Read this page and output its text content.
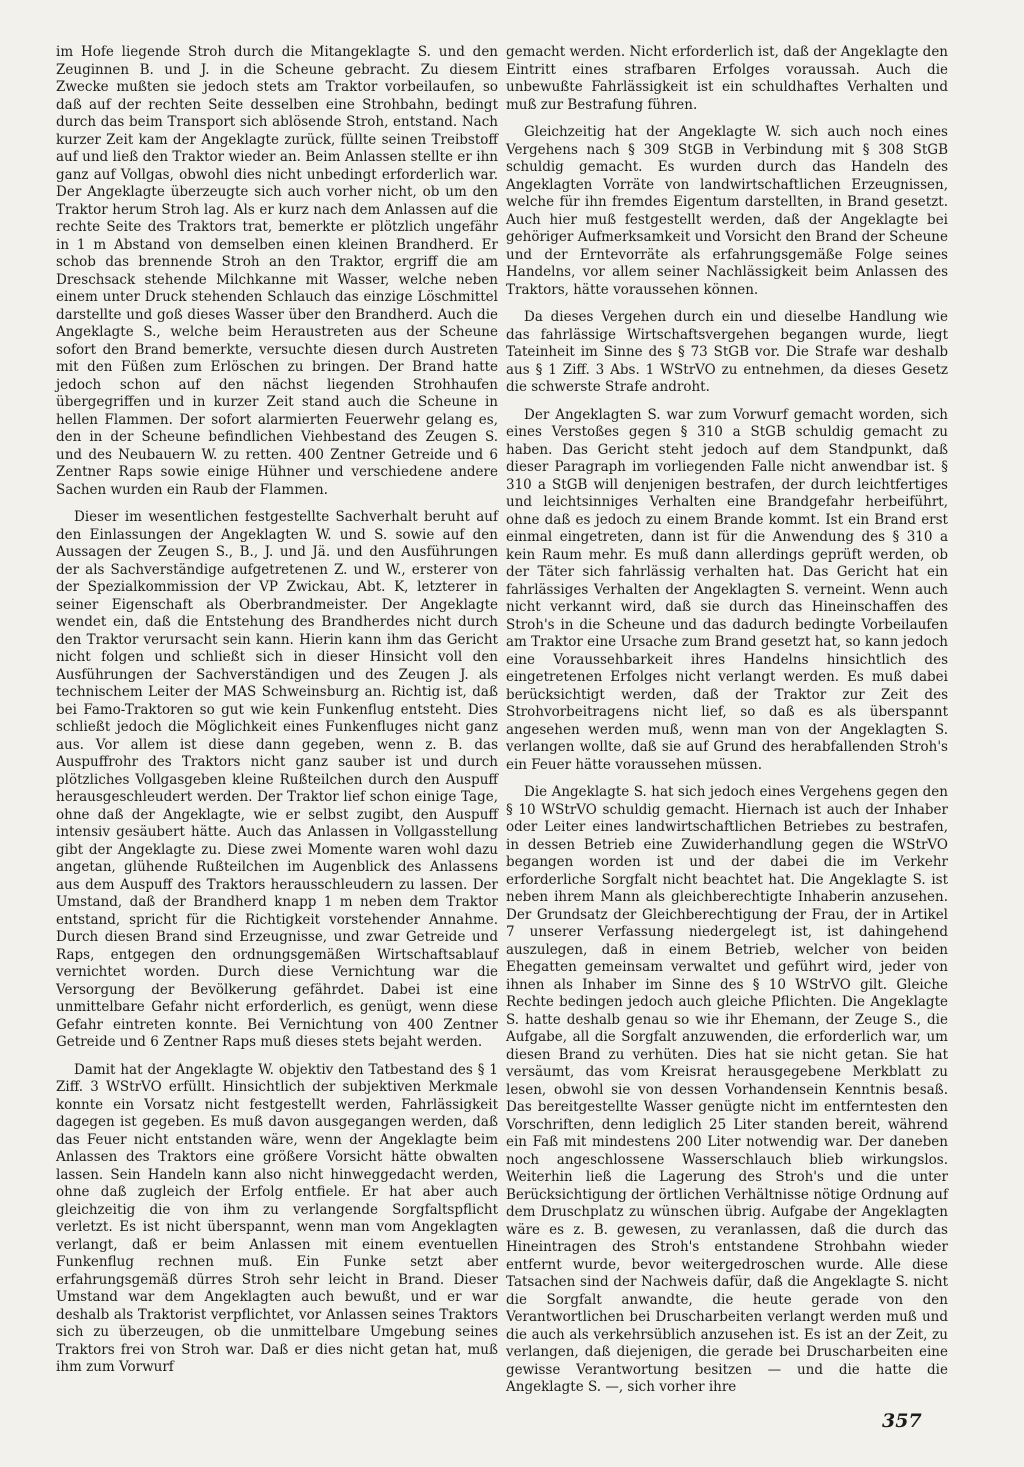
im Hofe liegende Stroh durch die Mitangeklagte S. und den Zeuginnen B. und J. in die Scheune gebracht. Zu diesem Zwecke mußten sie jedoch stets am Traktor vorbeilaufen, so daß auf der rechten Seite desselben eine Strohbahn, bedingt durch das beim Transport sich ablösende Stroh, entstand. Nach kurzer Zeit kam der Angeklagte zurück, füllte seinen Treibstoff auf und ließ den Traktor wieder an. Beim Anlassen stellte er ihn ganz auf Vollgas, obwohl dies nicht unbedingt erforderlich war. Der Angeklagte überzeugte sich auch vorher nicht, ob um den Traktor herum Stroh lag. Als er kurz nach dem Anlassen auf die rechte Seite des Traktors trat, bemerkte er plötzlich ungefähr in 1 m Abstand von demselben einen kleinen Brandherd. Er schob das brennende Stroh an den Traktor, ergriff die am Dreschsack stehende Milchkanne mit Wasser, welche neben einem unter Druck stehenden Schlauch das einzige Löschmittel darstellte und goß dieses Wasser über den Brandherd. Auch die Angeklagte S., welche beim Heraustreten aus der Scheune sofort den Brand bemerkte, versuchte diesen durch Austreten mit den Füßen zum Erlöschen zu bringen. Der Brand hatte jedoch schon auf den nächst liegenden Strohhaufen übergegriffen und in kurzer Zeit stand auch die Scheune in hellen Flammen. Der sofort alarmierten Feuerwehr gelang es, den in der Scheune befindlichen Viehbestand des Zeugen S. und des Neubauern W. zu retten. 400 Zentner Getreide und 6 Zentner Raps sowie einige Hühner und verschiedene andere Sachen wurden ein Raub der Flammen.

Dieser im wesentlichen festgestellte Sachverhalt beruht auf den Einlassungen der Angeklagten W. und S. sowie auf den Aussagen der Zeugen S., B., J. und Jä. und den Ausführungen der als Sachverständige aufgetretenen Z. und W., ersterer von der Spezialkommission der VP Zwickau, Abt. K, letzterer in seiner Eigenschaft als Oberbrandmeister. Der Angeklagte wendet ein, daß die Entstehung des Brandherdes nicht durch den Traktor verursacht sein kann. Hierin kann ihm das Gericht nicht folgen und schließt sich in dieser Hinsicht voll den Ausführungen der Sachverständigen und des Zeugen J. als technischem Leiter der MAS Schweinsburg an. Richtig ist, daß bei Famo-Traktoren so gut wie kein Funkenflug entsteht. Dies schließt jedoch die Möglichkeit eines Funkenfluges nicht ganz aus. Vor allem ist diese dann gegeben, wenn z. B. das Auspuffrohr des Traktors nicht ganz sauber ist und durch plötzliches Vollgasgeben kleine Rußteilchen durch den Auspuff herausgeschleudert werden. Der Traktor lief schon einige Tage, ohne daß der Angeklagte, wie er selbst zugibt, den Auspuff intensiv gesäubert hätte. Auch das Anlassen in Vollgasstellung gibt der Angeklagte zu. Diese zwei Momente waren wohl dazu angetan, glühende Rußteilchen im Augenblick des Anlassens aus dem Auspuff des Traktors herausschleudern zu lassen. Der Umstand, daß der Brandherd knapp 1 m neben dem Traktor entstand, spricht für die Richtigkeit vorstehender Annahme. Durch diesen Brand sind Erzeugnisse, und zwar Getreide und Raps, entgegen den ordnungsgemäßen Wirtschaftsablauf vernichtet worden. Durch diese Vernichtung war die Versorgung der Bevölkerung gefährdet. Dabei ist eine unmittelbare Gefahr nicht erforderlich, es genügt, wenn diese Gefahr eintreten konnte. Bei Vernichtung von 400 Zentner Getreide und 6 Zentner Raps muß dieses stets bejaht werden.

Damit hat der Angeklagte W. objektiv den Tatbestand des § 1 Ziff. 3 WStrVO erfüllt. Hinsichtlich der subjektiven Merkmale konnte ein Vorsatz nicht festgestellt werden, Fahrlässigkeit dagegen ist gegeben. Es muß davon ausgegangen werden, daß das Feuer nicht entstanden wäre, wenn der Angeklagte beim Anlassen des Traktors eine größere Vorsicht hätte obwalten lassen. Sein Handeln kann also nicht hinweggedacht werden, ohne daß zugleich der Erfolg entfiele. Er hat aber auch gleichzeitig die von ihm zu verlangende Sorgfaltspflicht verletzt. Es ist nicht überspannt, wenn man vom Angeklagten verlangt, daß er beim Anlassen mit einem eventuellen Funkenflug rechnen muß. Ein Funke setzt aber erfahrungsgemäß dürres Stroh sehr leicht in Brand. Dieser Umstand war dem Angeklagten auch bewußt, und er war deshalb als Traktorist verpflichtet, vor Anlassen seines Traktors sich zu überzeugen, ob die unmittelbare Umgebung seines Traktors frei von Stroh war. Daß er dies nicht getan hat, muß ihm zum Vorwurf

gemacht werden. Nicht erforderlich ist, daß der Angeklagte den Eintritt eines strafbaren Erfolges voraussah. Auch die unbewußte Fahrlässigkeit ist ein schuldhaftes Verhalten und muß zur Bestrafung führen.

Gleichzeitig hat der Angeklagte W. sich auch noch eines Vergehens nach § 309 StGB in Verbindung mit § 308 StGB schuldig gemacht. Es wurden durch das Handeln des Angeklagten Vorräte von landwirtschaftlichen Erzeugnissen, welche für ihn fremdes Eigentum darstellten, in Brand gesetzt. Auch hier muß festgestellt werden, daß der Angeklagte bei gehöriger Aufmerksamkeit und Vorsicht den Brand der Scheune und der Erntevorräte als erfahrungsgemäße Folge seines Handelns, vor allem seiner Nachlässigkeit beim Anlassen des Traktors, hätte voraussehen können.

Da dieses Vergehen durch ein und dieselbe Handlung wie das fahrlässige Wirtschaftsvergehen begangen wurde, liegt Tateinheit im Sinne des § 73 StGB vor. Die Strafe war deshalb aus § 1 Ziff. 3 Abs. 1 WStrVO zu entnehmen, da dieses Gesetz die schwerste Strafe androht.

Der Angeklagten S. war zum Vorwurf gemacht worden, sich eines Verstoßes gegen § 310 a StGB schuldig gemacht zu haben. Das Gericht steht jedoch auf dem Standpunkt, daß dieser Paragraph im vorliegenden Falle nicht anwendbar ist. § 310 a StGB will denjenigen bestrafen, der durch leichtfertiges und leichtsinniges Verhalten eine Brandgefahr herbeiführt, ohne daß es jedoch zu einem Brande kommt. Ist ein Brand erst einmal eingetreten, dann ist für die Anwendung des § 310 a kein Raum mehr. Es muß dann allerdings geprüft werden, ob der Täter sich fahrlässig verhalten hat. Das Gericht hat ein fahrlässiges Verhalten der Angeklagten S. verneint. Wenn auch nicht verkannt wird, daß sie durch das Hineinschaffen des Stroh's in die Scheune und das dadurch bedingte Vorbeilaufen am Traktor eine Ursache zum Brand gesetzt hat, so kann jedoch eine Voraussehbarkeit ihres Handelns hinsichtlich des eingetretenen Erfolges nicht verlangt werden. Es muß dabei berücksichtigt werden, daß der Traktor zur Zeit des Strohvorbeitragens nicht lief, so daß es als überspannt angesehen werden muß, wenn man von der Angeklagten S. verlangen wollte, daß sie auf Grund des herabfallenden Stroh's ein Feuer hätte voraussehen müssen.

Die Angeklagte S. hat sich jedoch eines Vergehens gegen den § 10 WStrVO schuldig gemacht. Hiernach ist auch der Inhaber oder Leiter eines landwirtschaftlichen Betriebes zu bestrafen, in dessen Betrieb eine Zuwiderhandlung gegen die WStrVO begangen worden ist und der dabei die im Verkehr erforderliche Sorgfalt nicht beachtet hat. Die Angeklagte S. ist neben ihrem Mann als gleichberechtigte Inhaberin anzusehen. Der Grundsatz der Gleichberechtigung der Frau, der in Artikel 7 unserer Verfassung niedergelegt ist, ist dahingehend auszulegen, daß in einem Betrieb, welcher von beiden Ehegatten gemeinsam verwaltet und geführt wird, jeder von ihnen als Inhaber im Sinne des § 10 WStrVO gilt. Gleiche Rechte bedingen jedoch auch gleiche Pflichten. Die Angeklagte S. hatte deshalb genau so wie ihr Ehemann, der Zeuge S., die Aufgabe, all die Sorgfalt anzuwenden, die erforderlich war, um diesen Brand zu verhüten. Dies hat sie nicht getan. Sie hat versäumt, das vom Kreisrat herausgegebene Merkblatt zu lesen, obwohl sie von dessen Vorhandensein Kenntnis besaß. Das bereitgestellte Wasser genügte nicht im entferntesten den Vorschriften, denn lediglich 25 Liter standen bereit, während ein Faß mit mindestens 200 Liter notwendig war. Der daneben noch angeschlossene Wasserschlauch blieb wirkungslos. Weiterhin ließ die Lagerung des Stroh's und die unter Berücksichtigung der örtlichen Verhältnisse nötige Ordnung auf dem Druschplatz zu wünschen übrig. Aufgabe der Angeklagten wäre es z. B. gewesen, zu veranlassen, daß die durch das Hineintragen des Stroh's entstandene Strohbahn wieder entfernt wurde, bevor weitergedroschen wurde. Alle diese Tatsachen sind der Nachweis dafür, daß die Angeklagte S. nicht die Sorgfalt anwandte, die heute gerade von den Verantwortlichen bei Druscharbeiten verlangt werden muß und die auch als verkehrsüblich anzusehen ist. Es ist an der Zeit, zu verlangen, daß diejenigen, die gerade bei Druscharbeiten eine gewisse Verantwortung besitzen — und die hatte die Angeklagte S. —, sich vorher ihre

357
